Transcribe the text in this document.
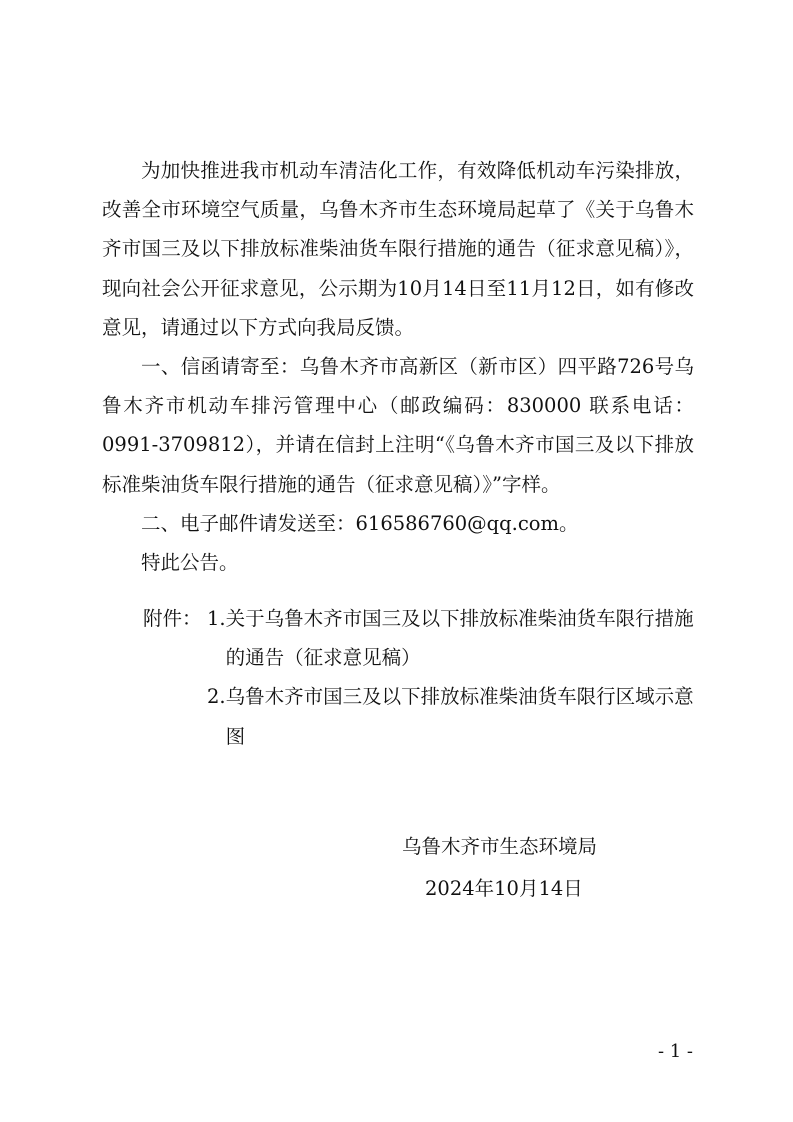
为加快推进我市机动车清洁化工作，有效降低机动车污染排放，改善全市环境空气质量，乌鲁木齐市生态环境局起草了《关于乌鲁木齐市国三及以下排放标准柴油货车限行措施的通告（征求意见稿）》，现向社会公开征求意见，公示期为10月14日至11月12日，如有修改意见，请通过以下方式向我局反馈。

一、信函请寄至：乌鲁木齐市高新区（新市区）四平路726号乌鲁木齐市机动车排污管理中心（邮政编码：830000 联系电话：0991-3709812），并请在信封上注明“《乌鲁木齐市国三及以下排放标准柴油货车限行措施的通告（征求意见稿）》”字样。

二、电子邮件请发送至：616586760@qq.com。

特此公告。

附件： 1. 关于乌鲁木齐市国三及以下排放标准柴油货车限行措施的通告（征求意见稿）
2. 乌鲁木齐市国三及以下排放标准柴油货车限行区域示意图
乌鲁木齐市生态环境局
2024年10月14日
- 1 -
